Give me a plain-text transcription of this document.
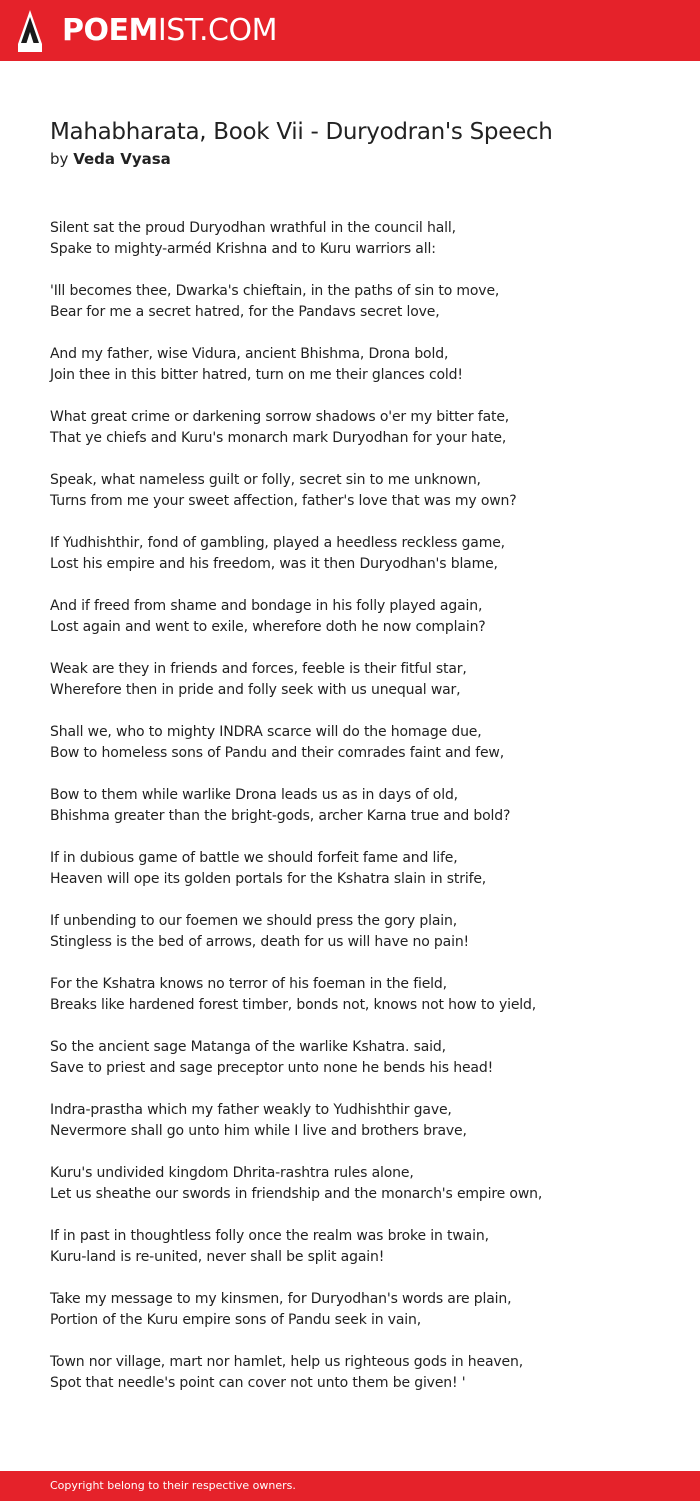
POEMIST.COM
Mahabharata, Book Vii - Duryodran's Speech
by Veda Vyasa
Silent sat the proud Duryodhan wrathful in the council hall,
Spake to mighty-arméd Krishna and to Kuru warriors all:
'Ill becomes thee, Dwarka's chieftain, in the paths of sin to move,
Bear for me a secret hatred, for the Pandavs secret love,
And my father, wise Vidura, ancient Bhishma, Drona bold,
Join thee in this bitter hatred, turn on me their glances cold!
What great crime or darkening sorrow shadows o'er my bitter fate,
That ye chiefs and Kuru's monarch mark Duryodhan for your hate,
Speak, what nameless guilt or folly, secret sin to me unknown,
Turns from me your sweet affection, father's love that was my own?
If Yudhishthir, fond of gambling, played a heedless reckless game,
Lost his empire and his freedom, was it then Duryodhan's blame,
And if freed from shame and bondage in his folly played again,
Lost again and went to exile, wherefore doth he now complain?
Weak are they in friends and forces, feeble is their fitful star,
Wherefore then in pride and folly seek with us unequal war,
Shall we, who to mighty INDRA scarce will do the homage due,
Bow to homeless sons of Pandu and their comrades faint and few,
Bow to them while warlike Drona leads us as in days of old,
Bhishma greater than the bright-gods, archer Karna true and bold?
If in dubious game of battle we should forfeit fame and life,
Heaven will ope its golden portals for the Kshatra slain in strife,
If unbending to our foemen we should press the gory plain,
Stingless is the bed of arrows, death for us will have no pain!
For the Kshatra knows no terror of his foeman in the field,
Breaks like hardened forest timber, bonds not, knows not how to yield,
So the ancient sage Matanga of the warlike Kshatra. said,
Save to priest and sage preceptor unto none he bends his head!
Indra-prastha which my father weakly to Yudhishthir gave,
Nevermore shall go unto him while I live and brothers brave,
Kuru's undivided kingdom Dhrita-rashtra rules alone,
Let us sheathe our swords in friendship and the monarch's empire own,
If in past in thoughtless folly once the realm was broke in twain,
Kuru-land is re-united, never shall be split again!
Take my message to my kinsmen, for Duryodhan's words are plain,
Portion of the Kuru empire sons of Pandu seek in vain,
Town nor village, mart nor hamlet, help us righteous gods in heaven,
Spot that needle's point can cover not unto them be given! '
Copyright belong to their respective owners.
